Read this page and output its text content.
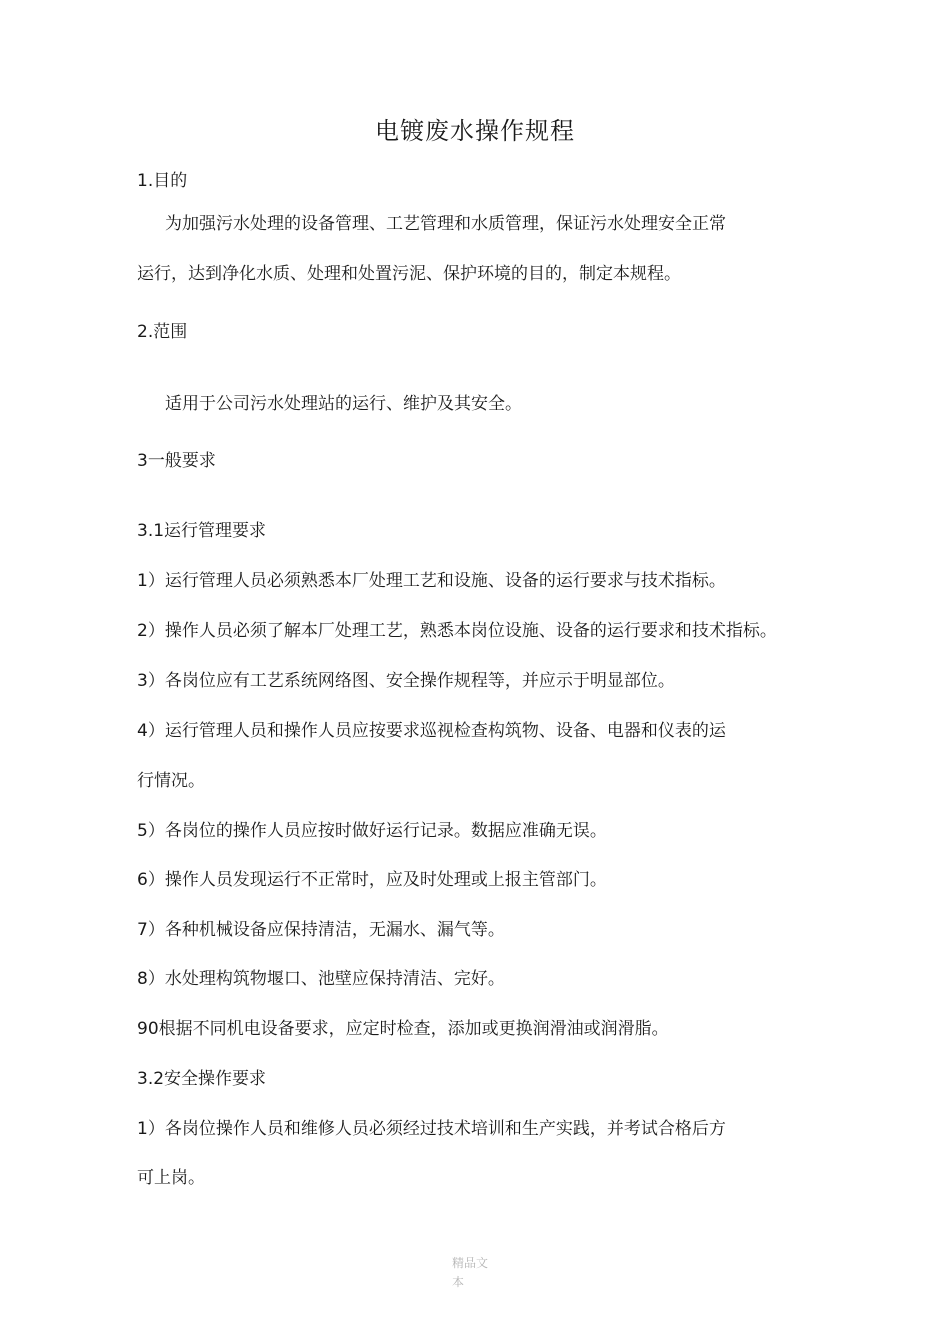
电镀废水操作规程
1.目的
为加强污水处理的设备管理、工艺管理和水质管理，保证污水处理安全正常
运行，达到净化水质、处理和处置污泥、保护环境的目的，制定本规程。
2.范围
适用于公司污水处理站的运行、维护及其安全。
3一般要求
3.1运行管理要求
1）运行管理人员必须熟悉本厂处理工艺和设施、设备的运行要求与技术指标。
2）操作人员必须了解本厂处理工艺，熟悉本岗位设施、设备的运行要求和技术指标。
3）各岗位应有工艺系统网络图、安全操作规程等，并应示于明显部位。
4）运行管理人员和操作人员应按要求巡视检查构筑物、设备、电器和仪表的运
行情况。
5）各岗位的操作人员应按时做好运行记录。数据应准确无误。
6）操作人员发现运行不正常时，应及时处理或上报主管部门。
7）各种机械设备应保持清洁，无漏水、漏气等。
8）水处理构筑物堰口、池壁应保持清洁、完好。
90根据不同机电设备要求，应定时检查，添加或更换润滑油或润滑脂。
3.2安全操作要求
1）各岗位操作人员和维修人员必须经过技术培训和生产实践，并考试合格后方
可上岗。
精品文
本
